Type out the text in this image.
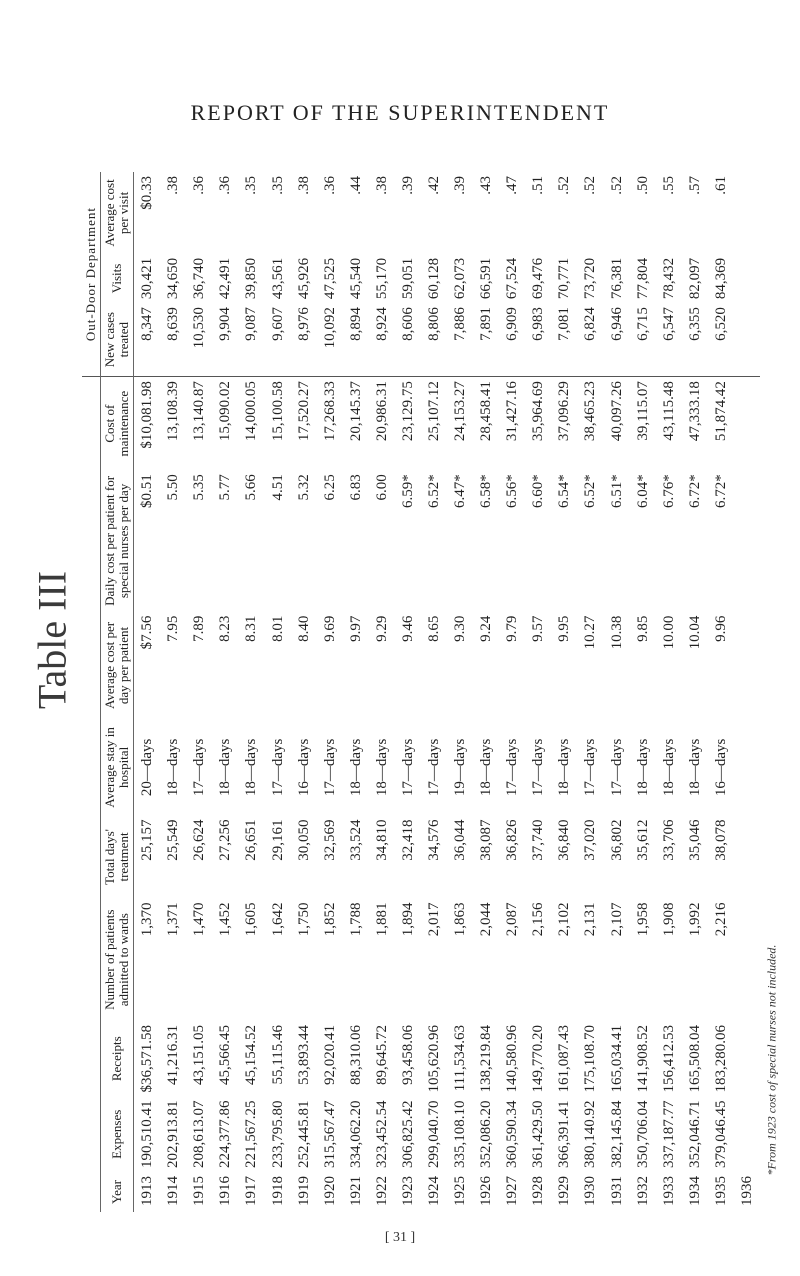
REPORT OF THE SUPERINTENDENT
Table III
									Out-Door Department		
Year	Expenses	Receipts	Number of patients admitted to wards	Total days' treatment	Average stay in hospital	Average cost per day per patient	Daily cost per patient for special nurses per day	Cost of maintenance	New cases treated	Visits	Average cost per visit
1913	190,510.41	$36,571.58	1,370	25,157	20—days	$7.56	$0.51	$10,081.98	8,347	30,421	$0.33
1914	202,913.81	41,216.31	1,371	25,549	18—days	7.95	5.50	13,108.39	8,639	34,650	.38
1915	208,613.07	43,151.05	1,470	26,624	17—days	7.89	5.35	13,140.87	10,530	36,740	.36
1916	224,377.86	45,566.45	1,452	27,256	18—days	8.23	5.77	15,090.02	9,904	42,491	.36
1917	221,567.25	45,154.52	1,605	26,651	18—days	8.31	5.66	14,000.05	9,087	39,850	.35
1918	233,795.80	55,115.46	1,642	29,161	17—days	8.01	4.51	15,100.58	9,607	43,561	.35
1919	252,445.81	53,893.44	1,750	30,050	16—days	8.40	5.32	17,520.27	8,976	45,926	.38
1920	315,567.47	92,020.41	1,852	32,569	17—days	9.69	6.25	17,268.33	10,092	47,525	.36
1921	334,062.20	88,310.06	1,788	33,524	18—days	9.97	6.83	20,145.37	8,894	45,540	.44
1922	323,452.54	89,645.72	1,881	34,810	18—days	9.29	6.00	20,986.31	8,924	55,170	.38
1923	306,825.42	93,458.06	1,894	32,418	17—days	9.46	6.59*	23,129.75	8,606	59,051	.39
1924	299,040.70	105,620.96	2,017	34,576	17—days	8.65	6.52*	25,107.12	8,806	60,128	.42
1925	335,108.10	111,534.63	1,863	36,044	19—days	9.30	6.47*	24,153.27	7,886	62,073	.39
1926	352,086.20	138,219.84	2,044	38,087	18—days	9.24	6.58*	28,458.41	7,891	66,591	.43
1927	360,590.34	140,580.96	2,087	36,826	17—days	9.79	6.56*	31,427.16	6,909	67,524	.47
1928	361,429.50	149,770.20	2,156	37,740	17—days	9.57	6.60*	35,964.69	6,983	69,476	.51
1929	366,391.41	161,087.43	2,102	36,840	18—days	9.95	6.54*	37,096.29	7,081	70,771	.52
1930	380,140.92	175,108.70	2,131	37,020	17—days	10.27	6.52*	38,465.23	6,824	73,720	.52
1931	382,145.84	165,034.41	2,107	36,802	17—days	10.38	6.51*	40,097.26	6,946	76,381	.52
1932	350,706.04	141,908.52	1,958	35,612	18—days	9.85	6.04*	39,115.07	6,715	77,804	.50
1933	337,187.77	156,412.53	1,908	33,706	18—days	10.00	6.76*	43,115.48	6,547	78,432	.55
1934	352,046.71	165,508.04	1,992	35,046	18—days	10.04	6.72*	47,333.18	6,355	82,097	.57
1935	379,046.45	183,280.06	2,216	38,078	16—days	9.96	6.72*	51,874.42	6,520	84,369	.61
1936											
*From 1923 cost of special nurses not included.
[ 31 ]
